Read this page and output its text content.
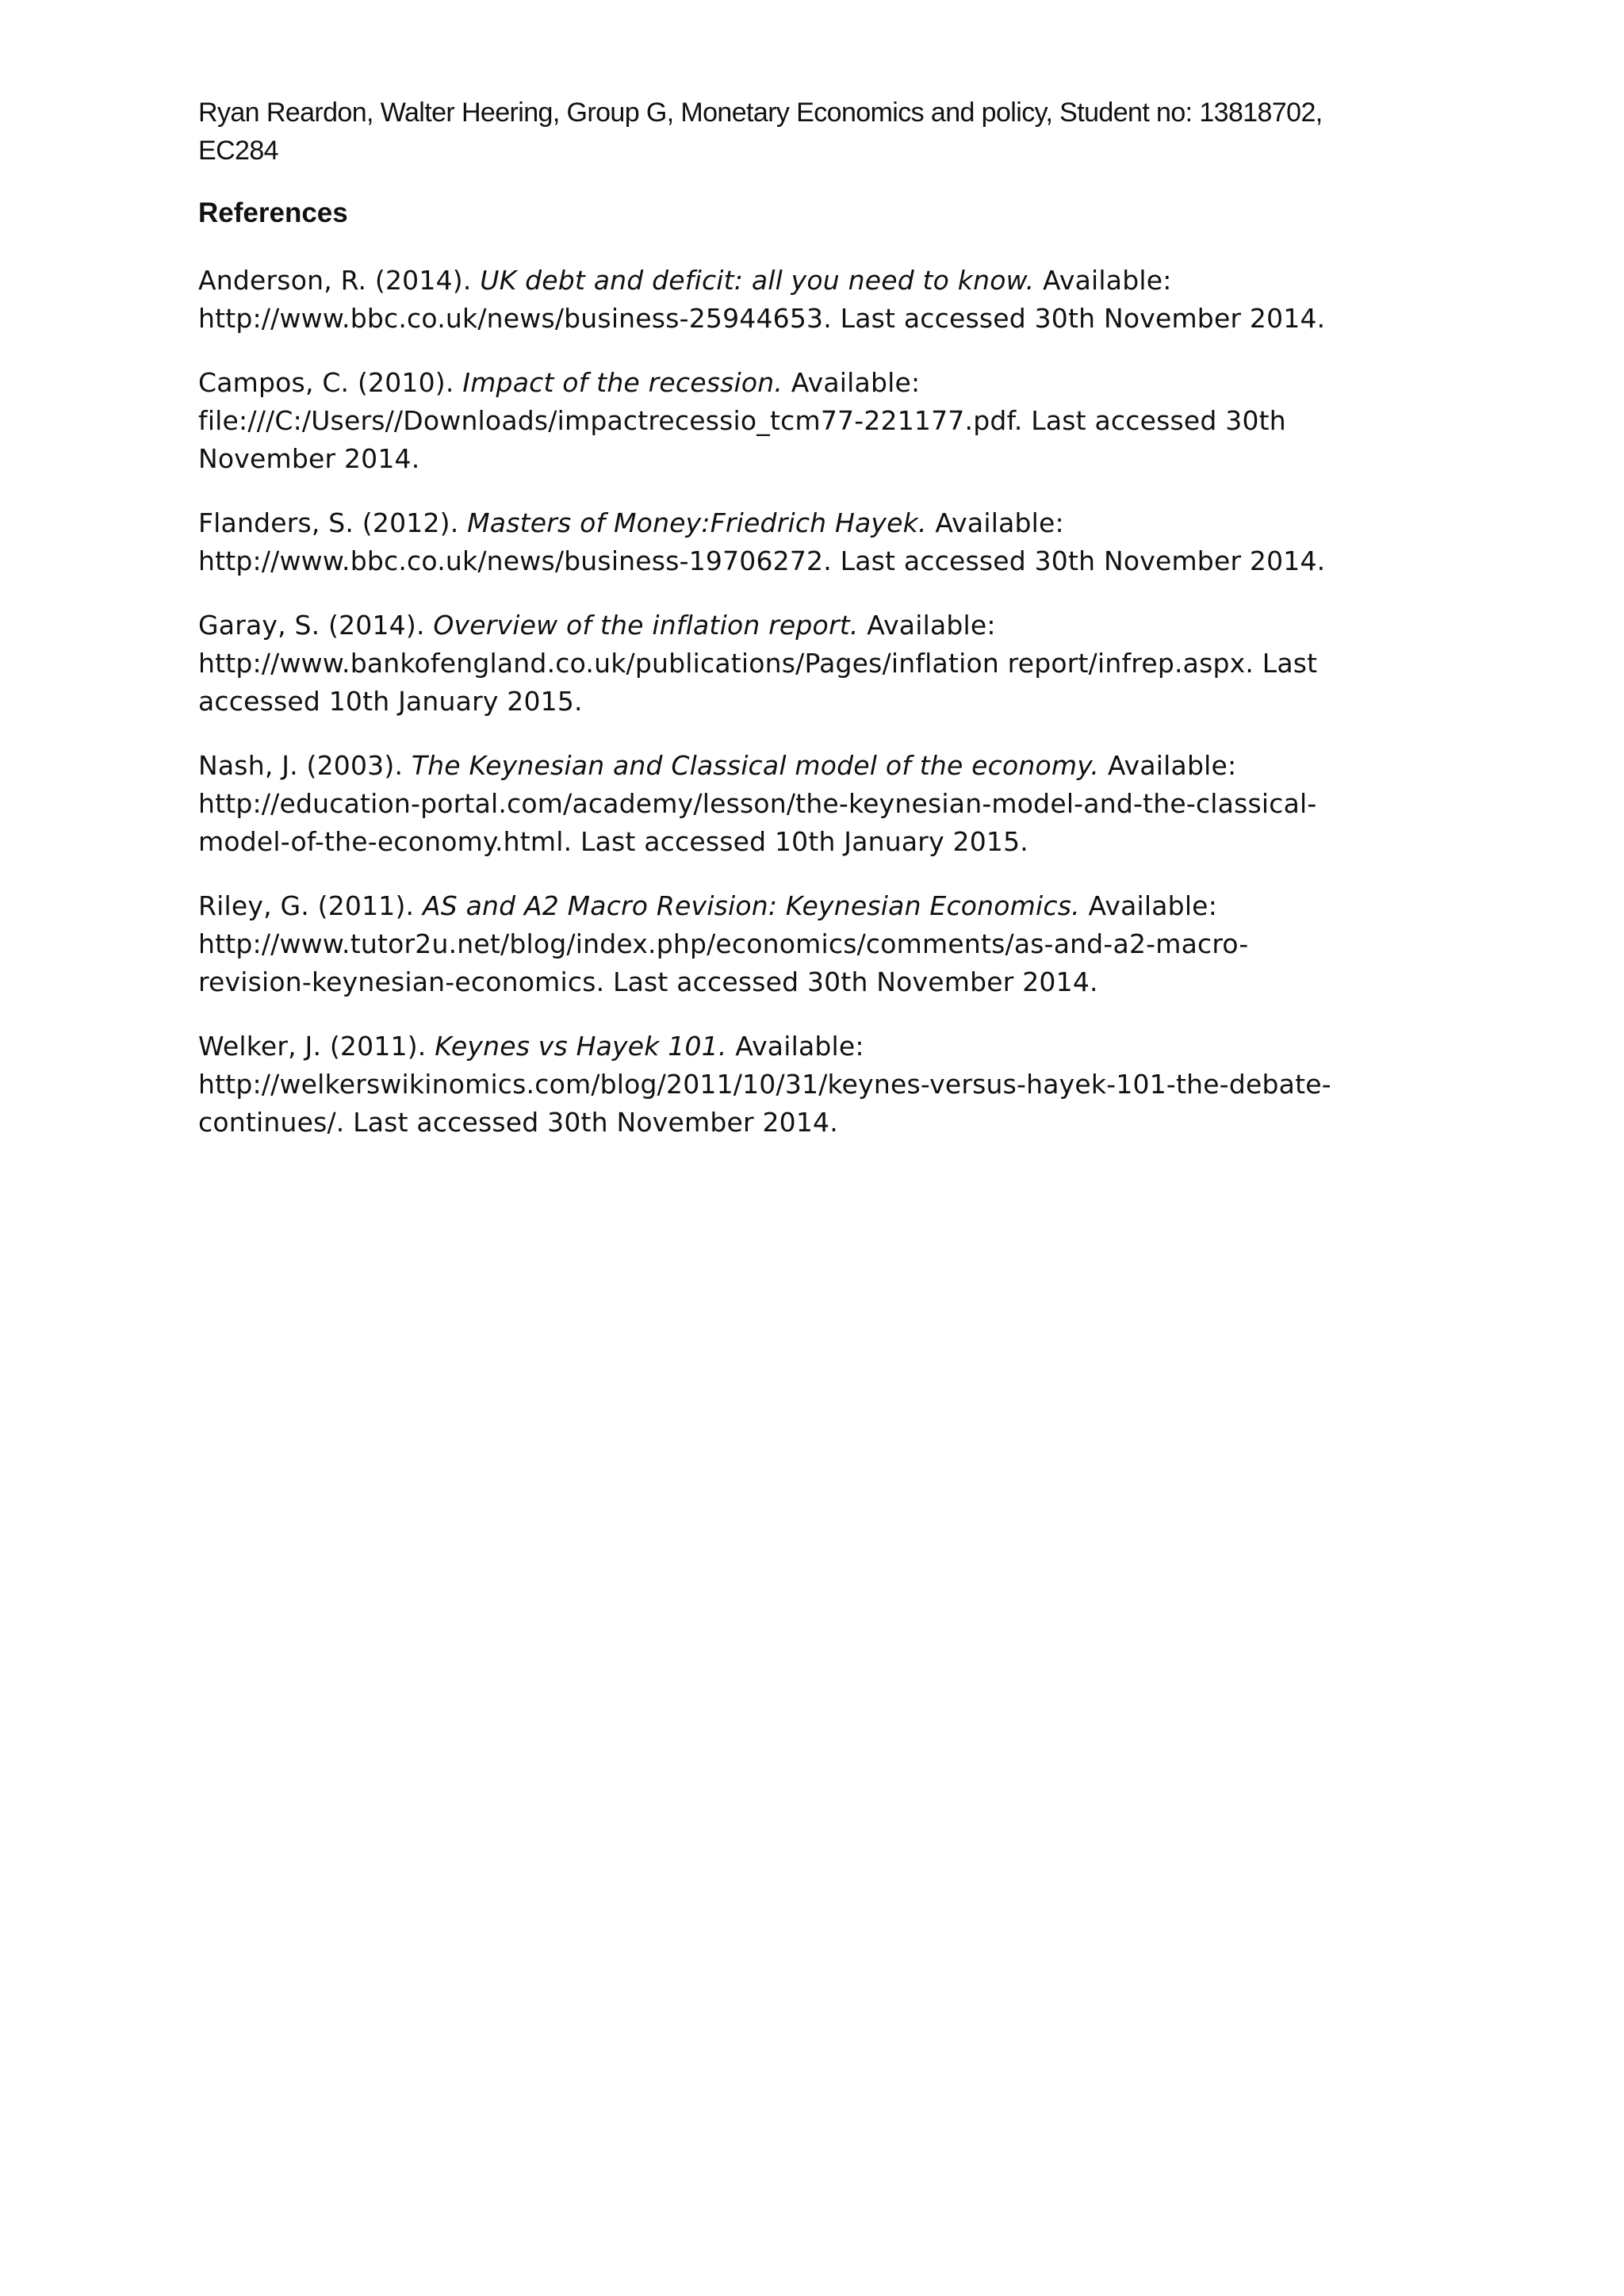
Ryan Reardon, Walter Heering, Group G, Monetary Economics and policy, Student no: 13818702,
EC284
References
Anderson, R. (2014). UK debt and deficit: all you need to know. Available:
http://www.bbc.co.uk/news/business-25944653. Last accessed 30th November 2014.
Campos, C. (2010). Impact of the recession. Available:
file:///C:/Users//Downloads/impactrecessio_tcm77-221177.pdf. Last accessed 30th
November 2014.
Flanders, S. (2012). Masters of Money:Friedrich Hayek. Available:
http://www.bbc.co.uk/news/business-19706272. Last accessed 30th November 2014.
Garay, S. (2014). Overview of the inflation report. Available:
http://www.bankofengland.co.uk/publications/Pages/inflation report/infrep.aspx. Last
accessed 10th January 2015.
Nash, J. (2003). The Keynesian and Classical model of the economy. Available:
http://education-portal.com/academy/lesson/the-keynesian-model-and-the-classical-
model-of-the-economy.html. Last accessed 10th January 2015.
Riley, G. (2011). AS and A2 Macro Revision: Keynesian Economics. Available:
http://www.tutor2u.net/blog/index.php/economics/comments/as-and-a2-macro-
revision-keynesian-economics. Last accessed 30th November 2014.
Welker, J. (2011). Keynes vs Hayek 101. Available:
http://welkerswikinomics.com/blog/2011/10/31/keynes-versus-hayek-101-the-debate-
continues/. Last accessed 30th November 2014.
